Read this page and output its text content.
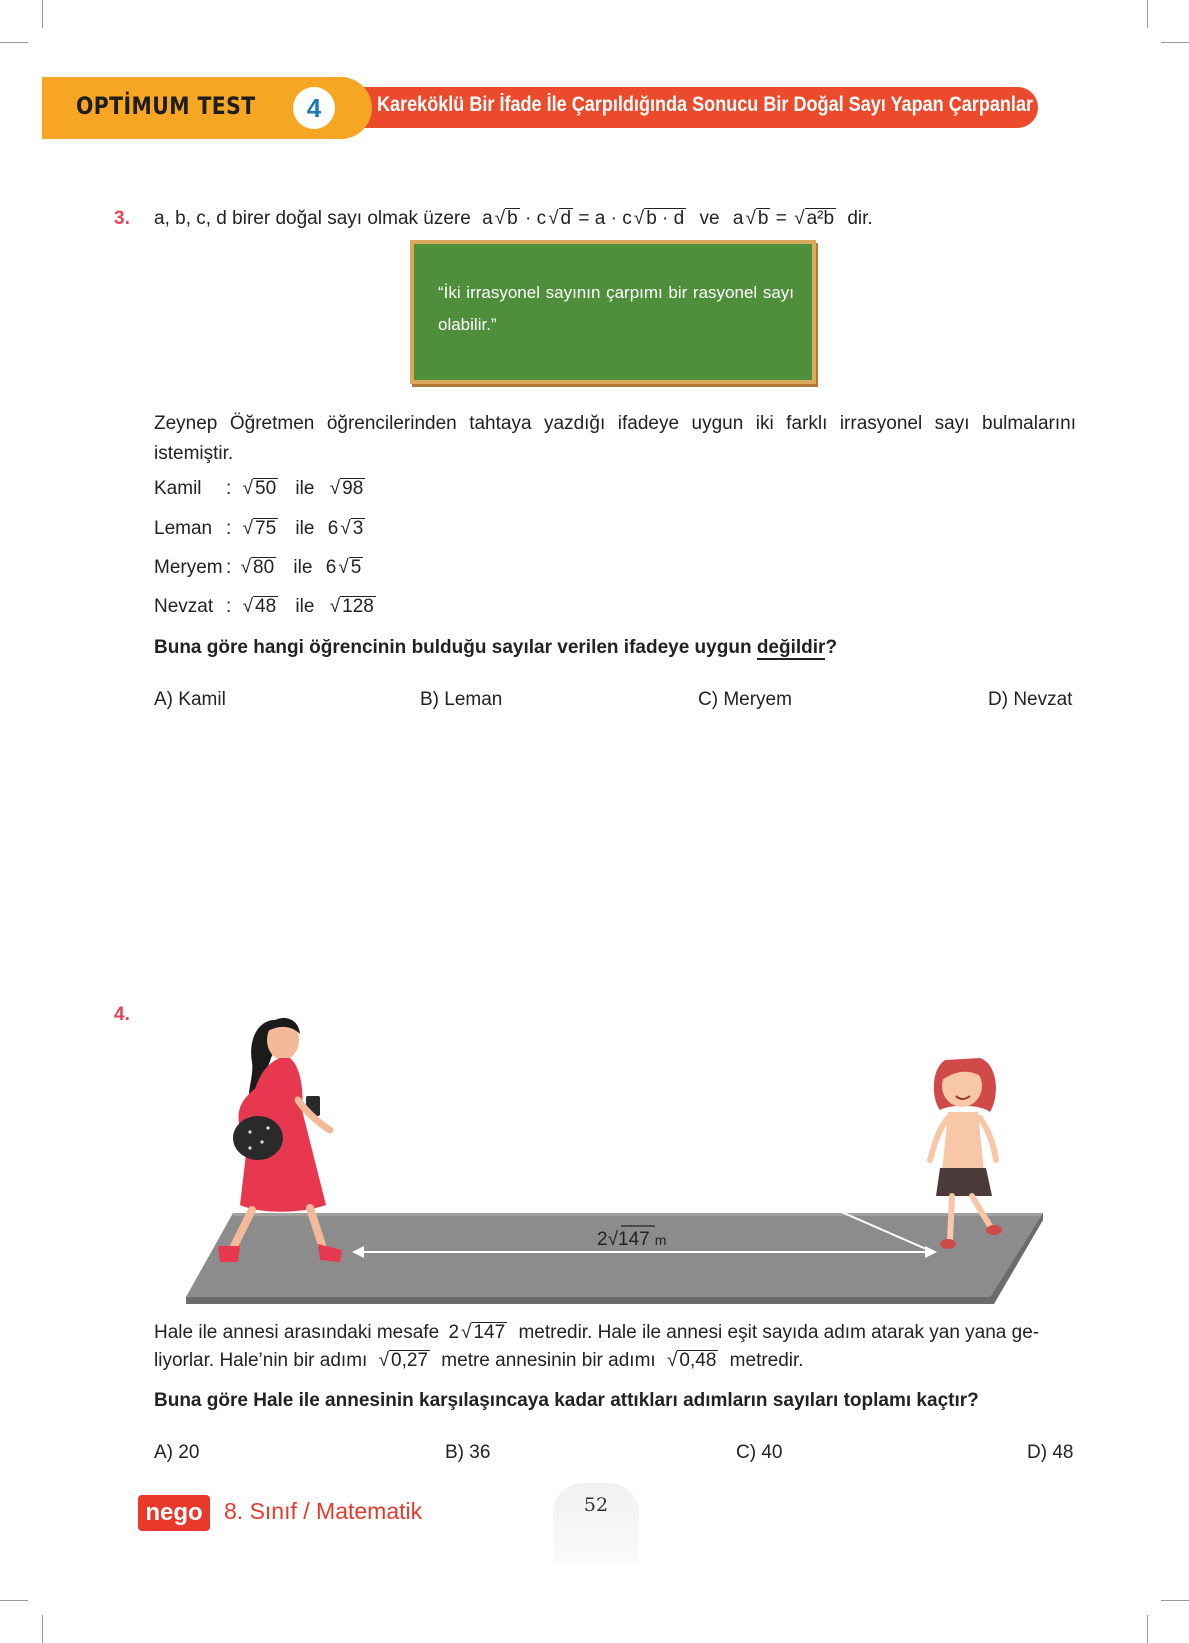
OPTİMUM TEST	4	Kareköklü Bir İfade İle Çarpıldığında Sonucu Bir Doğal Sayı Yapan Çarpanlar
3. a, b, c, d birer doğal sayı olmak üzere a √ b · c √ d = a · c √ b · d ve a √ b = √ a²b dir.
“İki irrasyonel sayının çarpımı bir rasyonel sayı olabilir.”
Zeynep Öğretmen öğrencilerinden tahtaya yazdığı ifadeye uygun iki farklı irrasyonel sayı bulmalarını istemiştir.
Kamil : √ 50 ile √ 98
Leman : √ 75 ile 6 √ 3
Meryem : √ 80 ile 6 √ 5
Nevzat : √ 48 ile √ 128
Buna göre hangi öğrencinin bulduğu sayılar verilen ifadeye uygun değildir?
A) Kamil	B) Leman	C) Meryem	D) Nevzat
4.
2√147 m
Hale ile annesi arasındaki mesafe 2 √ 147 metredir. Hale ile annesi eşit sayıda adım atarak yan yana ge-
liyorlar. Hale’nin bir adımı √ 0,27 metre annesinin bir adımı √ 0,48 metredir.
Buna göre Hale ile annesinin karşılaşıncaya kadar attıkları adımların sayıları toplamı kaçtır?
A) 20	B) 36	C) 40	D) 48
nego 8. Sınıf / Matematik	52
